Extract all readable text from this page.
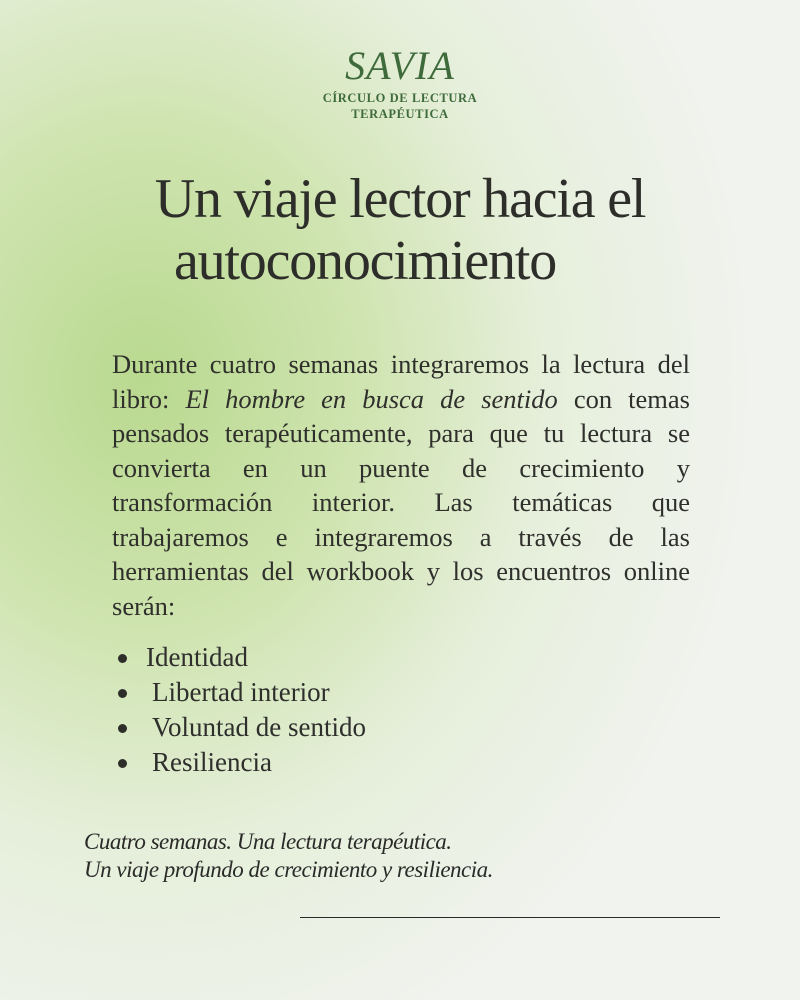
SAVIA
CÍRCULO DE LECTURA
TERAPÉUTICA
Un viaje lector hacia el
autoconocimiento

Durante cuatro semanas integraremos la lectura del libro: El hombre en busca de sentido con temas pensados terapéuticamente, para que tu lectura se convierta en un puente de crecimiento y transformación interior. Las temáticas que trabajaremos e integraremos a través de las herramientas del workbook y los encuentros online serán:

Identidad
Libertad interior
Voluntad de sentido
Resiliencia
Cuatro semanas. Una lectura terapéutica.
Un viaje profundo de crecimiento y resiliencia.
